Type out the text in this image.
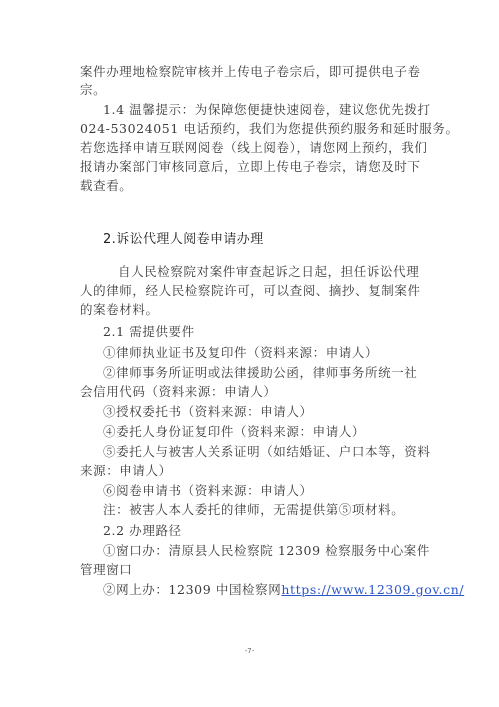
案件办理地检察院审核并上传电子卷宗后，即可提供电子卷
宗。
1.4 温馨提示：为保障您便捷快速阅卷，建议您优先拨打
024-53024051 电话预约，我们为您提供预约服务和延时服务。
若您选择申请互联网阅卷（线上阅卷），请您网上预约，我们
报请办案部门审核同意后，立即上传电子卷宗，请您及时下
载查看。
2.诉讼代理人阅卷申请办理
自人民检察院对案件审查起诉之日起，担任诉讼代理
人的律师，经人民检察院许可，可以查阅、摘抄、复制案件
的案卷材料。
2.1 需提供要件
①律师执业证书及复印件（资料来源：申请人）
②律师事务所证明或法律援助公函，律师事务所统一社
会信用代码（资料来源：申请人）
③授权委托书（资料来源：申请人）
④委托人身份证复印件（资料来源：申请人）
⑤委托人与被害人关系证明（如结婚证、户口本等，资料
来源：申请人）
⑥阅卷申请书（资料来源：申请人）
注：被害人本人委托的律师，无需提供第⑤项材料。
2.2 办理路径
①窗口办：清原县人民检察院 12309 检察服务中心案件
管理窗口
②网上办：12309 中国检察网https://www.12309.gov.cn/
-7-
